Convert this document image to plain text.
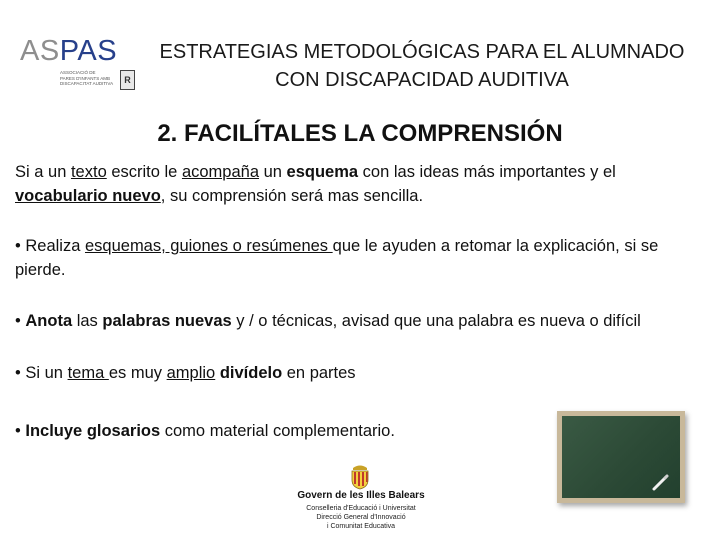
ASPAS
ASSOCIACIÓ DE
PARES D'INFANTS AMB
DISCAPACITAT AUDITIVA	R
ESTRATEGIAS METODOLÓGICAS PARA EL ALUMNADO CON DISCAPACIDAD AUDITIVA
2. FACILÍTALES LA COMPRENSIÓN
Si a un texto escrito le acompaña un esquema con las ideas más importantes y el vocabulario nuevo, su comprensión será mas sencilla.
• Realiza esquemas, guiones o resúmenes que le ayuden a retomar la explicación, si se pierde.
• Anota las palabras nuevas y / o técnicas, avisad que una palabra es nueva o difícil
• Si un tema es muy amplio divídelo en partes
• Incluye glosarios como material complementario.
Govern de les Illes Balears
Conselleria d'Educació i Universitat
Direcció General d'Innovació
i Comunitat Educativa
